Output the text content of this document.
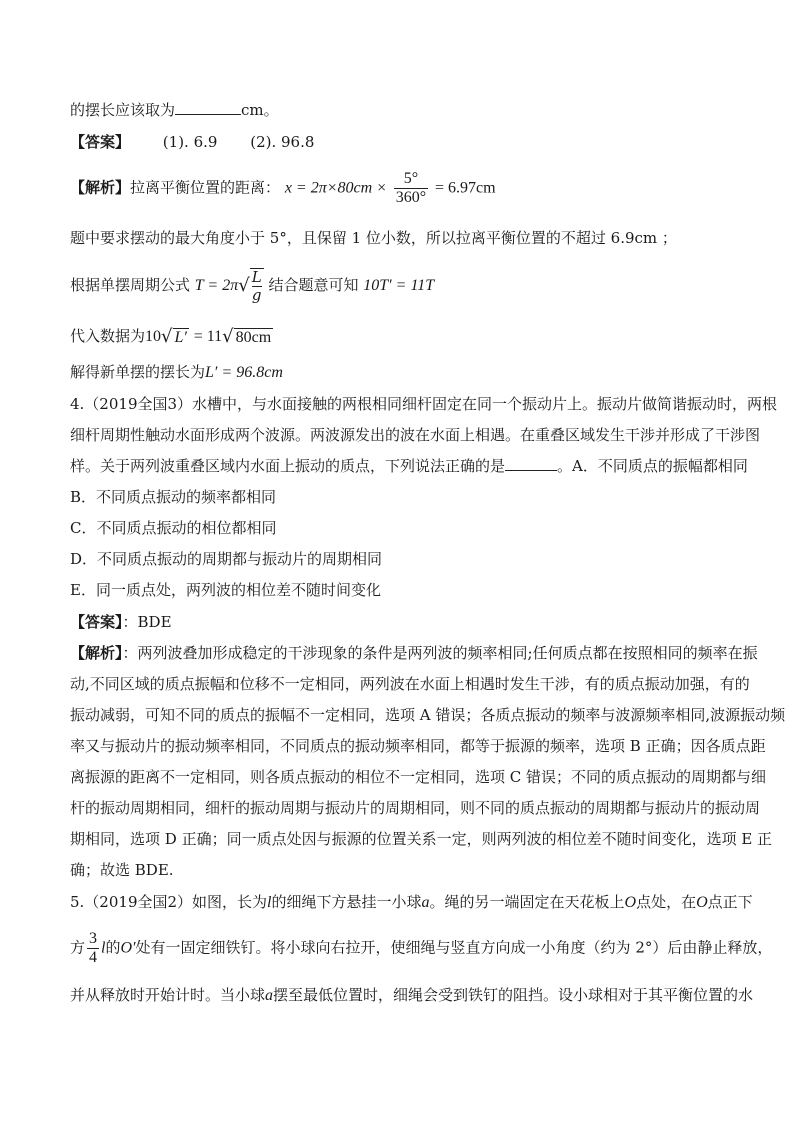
的摆长应该取为	cm。
【答案】 (1). 6.9 (2). 96.8
【解析】拉离平衡位置的距离： $x = 2\pi\times 80cm \times \frac{5^\circ}{360^\circ} = 6.97cm$
题中要求摆动的最大角度小于 5°，且保留 1 位小数，所以拉离平衡位置的不超过 6.9cm ；
根据单摆周期公式 $T = 2\pi√ \frac{L}{g}$ 结合题意可知 10T′ = 11T
代入数据为10√ L′ = 11√ 80cm
解得新单摆的摆长为L′ = 96.8cm
4.（2019全国3）水槽中，与水面接触的两根相同细杆固定在同一个振动片上。振动片做简谐振动时，两根
细杆周期性触动水面形成两个波源。两波源发出的波在水面上相遇。在重叠区域发生干涉并形成了干涉图
样。关于两列波重叠区域内水面上振动的质点，下列说法正确的是	。A．不同质点的振幅都相同
B．不同质点振动的频率都相同
C．不同质点振动的相位都相同
D．不同质点振动的周期都与振动片的周期相同
E．同一质点处，两列波的相位差不随时间变化
【答案】：BDE
【解析】：两列波叠加形成稳定的干涉现象的条件是两列波的频率相同;任何质点都在按照相同的频率在振
动,不同区域的质点振幅和位移不一定相同，两列波在水面上相遇时发生干涉，有的质点振动加强，有的
振动减弱，可知不同的质点的振幅不一定相同，选项 A 错误；各质点振动的频率与波源频率相同,波源振动频
率又与振动片的振动频率相同，不同质点的振动频率相同，都等于振源的频率，选项 B 正确；因各质点距
离振源的距离不一定相同，则各质点振动的相位不一定相同，选项 C 错误；不同的质点振动的周期都与细
杆的振动周期相同，细杆的振动周期与振动片的周期相同，则不同的质点振动的周期都与振动片的振动周
期相同，选项 D 正确；同一质点处因与振源的位置关系一定，则两列波的相位差不随时间变化，选项 E 正
确；故选 BDE.
5.（2019全国2）如图，长为l的细绳下方悬挂一小球a。绳的另一端固定在天花板上O点处，在O点正下
方 $\frac{3}{4}$ l的O′处有一固定细铁钉。将小球向右拉开，使细绳与竖直方向成一小角度（约为 2°）后由静止释放，
并从释放时开始计时。当小球a摆至最低位置时，细绳会受到铁钉的阻挡。设小球相对于其平衡位置的水
